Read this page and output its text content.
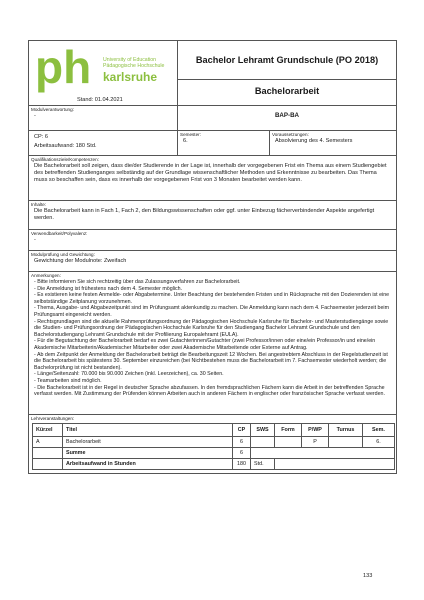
ph University of Education
Pädagogische Hochschule
karlsruhe
Stand: 01.04.2021

Bachelor Lehramt Grundschule (PO 2018)
Bachelorarbeit

Modulverantwortung:
-	BAP-BA

CP: 6
Arbeitsaufwand: 180 Std.

Semester:
6.

Voraussetzungen:
Absolvierung des 4. Semesters

Qualifikationsziele/Kompetenzen:
Die Bachelorarbeit soll zeigen, dass die/der Studierende in der Lage ist, innerhalb der vorgegebenen Frist ein Thema aus einem Studiengebiet des betreffenden Studienganges selbständig auf der Grundlage wissenschaftlicher Methoden und Erkenntnisse zu bearbeiten. Das Thema muss so beschaffen sein, dass es innerhalb der vorgegebenen Frist von 3 Monaten bearbeitet werden kann.

Inhalte:
Die Bachelorarbeit kann in Fach 1, Fach 2, den Bildungswissenschaften oder ggf. unter Einbezug fächerverbindender Aspekte angefertigt werden.

Verwendbarkeit/Polyvalenz:
-

Modulprüfung und Gewichtung:
Gewichtung der Modulnote: Zweifach

Anmerkungen:
- Bitte informieren Sie sich rechtzeitig über das Zulassungsverfahren zur Bachelorarbeit.
- Die Anmeldung ist frühestens nach dem 4. Semester möglich.
- Es existieren keine festen Anmelde- oder Abgabetermine. Unter Beachtung der bestehenden Fristen und in Rücksprache mit den Dozierenden ist eine selbstständige Zeitplanung vorzunehmen.
- Thema, Ausgabe- und Abgabezeitpunkt sind im Prüfungsamt aktenkundig zu machen. Die Anmeldung kann nach dem 4. Fachsemester jederzeit beim Prüfungsamt eingereicht werden.
- Rechtsgrundlagen sind die aktuelle Rahmenprüfungsordnung der Pädagogischen Hochschule Karlsruhe für Bachelor- und Masterstudiengänge sowie die Studien- und Prüfungsordnung der Pädagogischen Hochschule Karlsruhe für den Studiengang Bachelor Lehramt Grundschule und den Bachelorstudiengang Lehramt Grundschule mit der Profilierung Europalehramt (EULA).
- Für die Begutachtung der Bachelorarbeit bedarf es zwei Gutachterinnen/Gutachter (zwei Professor/innen oder eine/ein Professor/in und eine/ein Akademische Mitarbeiterin/Akademischer Mitarbeiter oder zwei Akademische Mitarbeitende oder Externe auf Antrag.
- Ab dem Zeitpunkt der Anmeldung der Bachelorarbeit beträgt die Bearbeitungszeit 12 Wochen. Bei angestrebtem Abschluss in der Regelstudienzeit ist die Bachelorarbeit bis spätestens 30. September einzureichen (bei Nichtbestehen muss die Bachelorarbeit im 7. Fachsemester wiederholt werden; die Bachelorprüfung ist nicht bestanden).
- Länge/Seitenzahl: 70.000 bis 90.000 Zeichen (inkl. Leerzeichen), ca. 30 Seiten.
- Teamarbeiten sind möglich.
- Die Bachelorarbeit ist in der Regel in deutscher Sprache abzufassen. In den fremdsprachlichen Fächern kann die Arbeit in der betreffenden Sprache verfasst werden. Mit Zustimmung der Prüfenden können Arbeiten auch in anderen Fächern in englischer oder französischer Sprache verfasst werden.

Lehrveranstaltungen:
Kürzel	Titel	CP	SWS	Form	P/WP	Turnus	Sem.
A	Bachelorarbeit	6			P		6.
	Summe	6	
	Arbeitsaufwand in Stunden	180	Std.	
133
